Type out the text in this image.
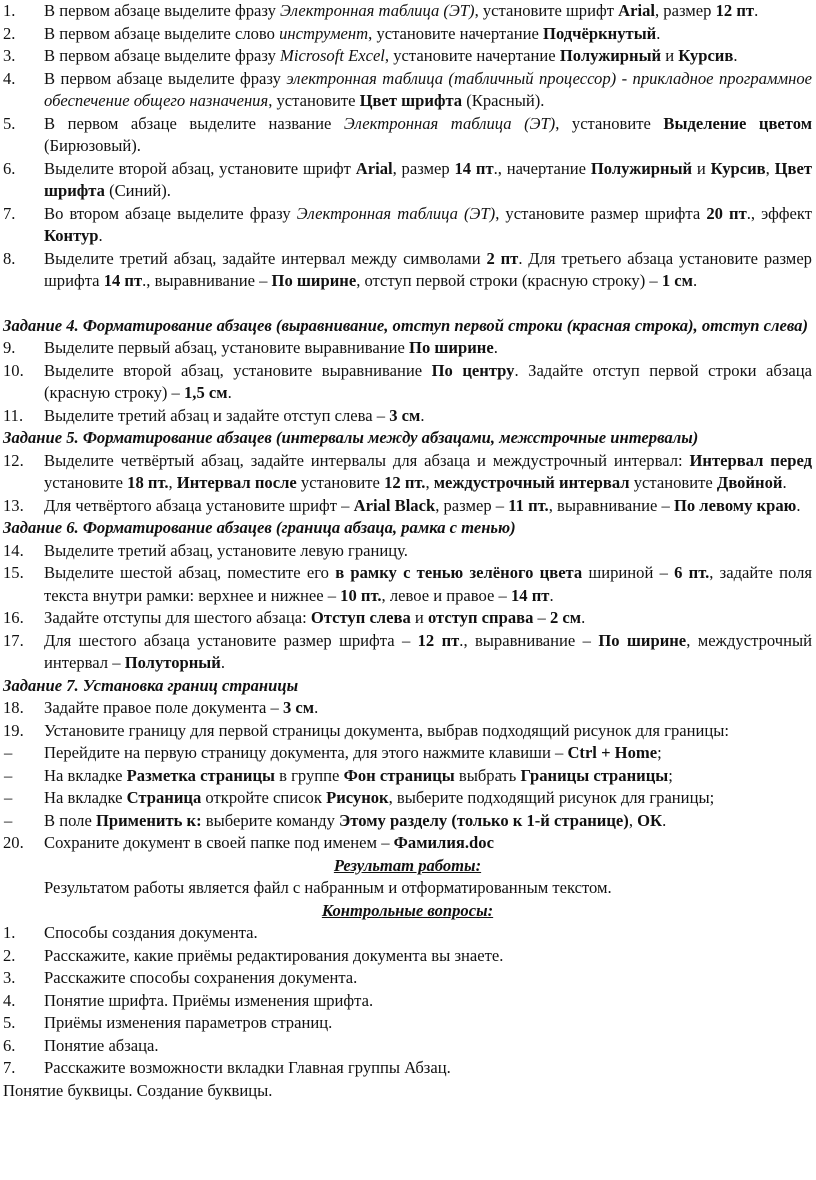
1. В первом абзаце выделите фразу Электронная таблица (ЭТ), установите шрифт Arial, размер 12 пт.
2. В первом абзаце выделите слово инструмент, установите начертание Подчёркнутый.
3. В первом абзаце выделите фразу Microsoft Excel, установите начертание Полужирный и Курсив.
4. В первом абзаце выделите фразу электронная таблица (табличный процессор) - прикладное программное обеспечение общего назначения, установите Цвет шрифта (Красный).
5. В первом абзаце выделите название Электронная таблица (ЭТ), установите Выделение цветом (Бирюзовый).
6. Выделите второй абзац, установите шрифт Arial, размер 14 пт., начертание Полужирный и Курсив, Цвет шрифта (Синий).
7. Во втором абзаце выделите фразу Электронная таблица (ЭТ), установите размер шрифта 20 пт., эффект Контур.
8. Выделите третий абзац, задайте интервал между символами 2 пт. Для третьего абзаца установите размер шрифта 14 пт., выравнивание – По ширине, отступ первой строки (красную строку) – 1 см.
Задание 4. Форматирование абзацев (выравнивание, отступ первой строки (красная строка), отступ слева)
9. Выделите первый абзац, установите выравнивание По ширине.
10. Выделите второй абзац, установите выравнивание По центру. Задайте отступ первой строки абзаца (красную строку) – 1,5 см.
11. Выделите третий абзац и задайте отступ слева – 3 см.
Задание 5. Форматирование абзацев (интервалы между абзацами, межстрочные интервалы)
12. Выделите четвёртый абзац, задайте интервалы для абзаца и междустрочный интервал: Интервал перед установите 18 пт., Интервал после установите 12 пт., междустрочный интервал установите Двойной.
13. Для четвёртого абзаца установите шрифт – Arial Black, размер – 11 пт., выравнивание – По левому краю.
Задание 6. Форматирование абзацев (граница абзаца, рамка с тенью)
14. Выделите третий абзац, установите левую границу.
15. Выделите шестой абзац, поместите его в рамку с тенью зелёного цвета шириной – 6 пт., задайте поля текста внутри рамки: верхнее и нижнее – 10 пт., левое и правое – 14 пт.
16. Задайте отступы для шестого абзаца: Отступ слева и отступ справа – 2 см.
17. Для шестого абзаца установите размер шрифта – 12 пт., выравнивание – По ширине, междустрочный интервал – Полуторный.
Задание 7. Установка границ страницы
18. Задайте правое поле документа – 3 см.
19. Установите границу для первой страницы документа, выбрав подходящий рисунок для границы:
– Перейдите на первую страницу документа, для этого нажмите клавиши – Ctrl + Home;
– На вкладке Разметка страницы в группе Фон страницы выбрать Границы страницы;
– На вкладке Страница откройте список Рисунок, выберите подходящий рисунок для границы;
– В поле Применить к: выберите команду Этому разделу (только к 1-й странице), ОК.
20. Сохраните документ в своей папке под именем – Фамилия.doc
Результат работы:
Результатом работы является файл с набранным и отформатированным текстом.
Контрольные вопросы:
1. Способы создания документа.
2. Расскажите, какие приёмы редактирования документа вы знаете.
3. Расскажите способы сохранения документа.
4. Понятие шрифта. Приёмы изменения шрифта.
5. Приёмы изменения параметров страниц.
6. Понятие абзаца.
7. Расскажите возможности вкладки Главная группы Абзац.
Понятие буквицы. Создание буквицы.
